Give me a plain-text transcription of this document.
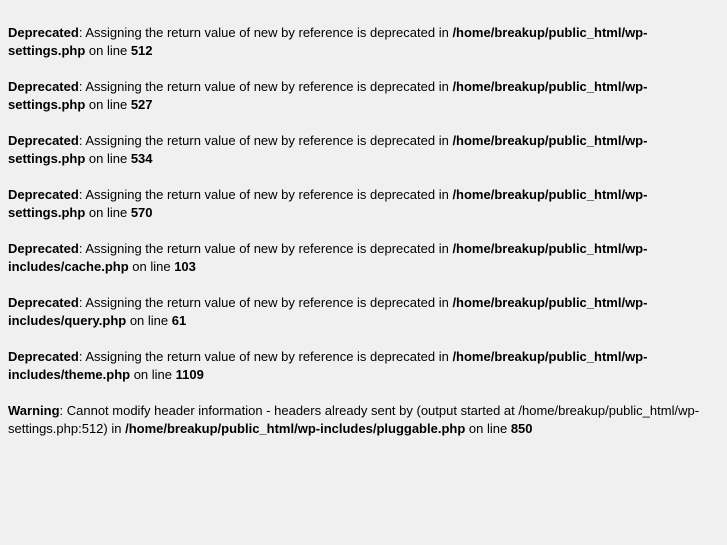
Deprecated: Assigning the return value of new by reference is deprecated in /home/breakup/public_html/wp-settings.php on line 512
Deprecated: Assigning the return value of new by reference is deprecated in /home/breakup/public_html/wp-settings.php on line 527
Deprecated: Assigning the return value of new by reference is deprecated in /home/breakup/public_html/wp-settings.php on line 534
Deprecated: Assigning the return value of new by reference is deprecated in /home/breakup/public_html/wp-settings.php on line 570
Deprecated: Assigning the return value of new by reference is deprecated in /home/breakup/public_html/wp-includes/cache.php on line 103
Deprecated: Assigning the return value of new by reference is deprecated in /home/breakup/public_html/wp-includes/query.php on line 61
Deprecated: Assigning the return value of new by reference is deprecated in /home/breakup/public_html/wp-includes/theme.php on line 1109
Warning: Cannot modify header information - headers already sent by (output started at /home/breakup/public_html/wp-settings.php:512) in /home/breakup/public_html/wp-includes/pluggable.php on line 850
